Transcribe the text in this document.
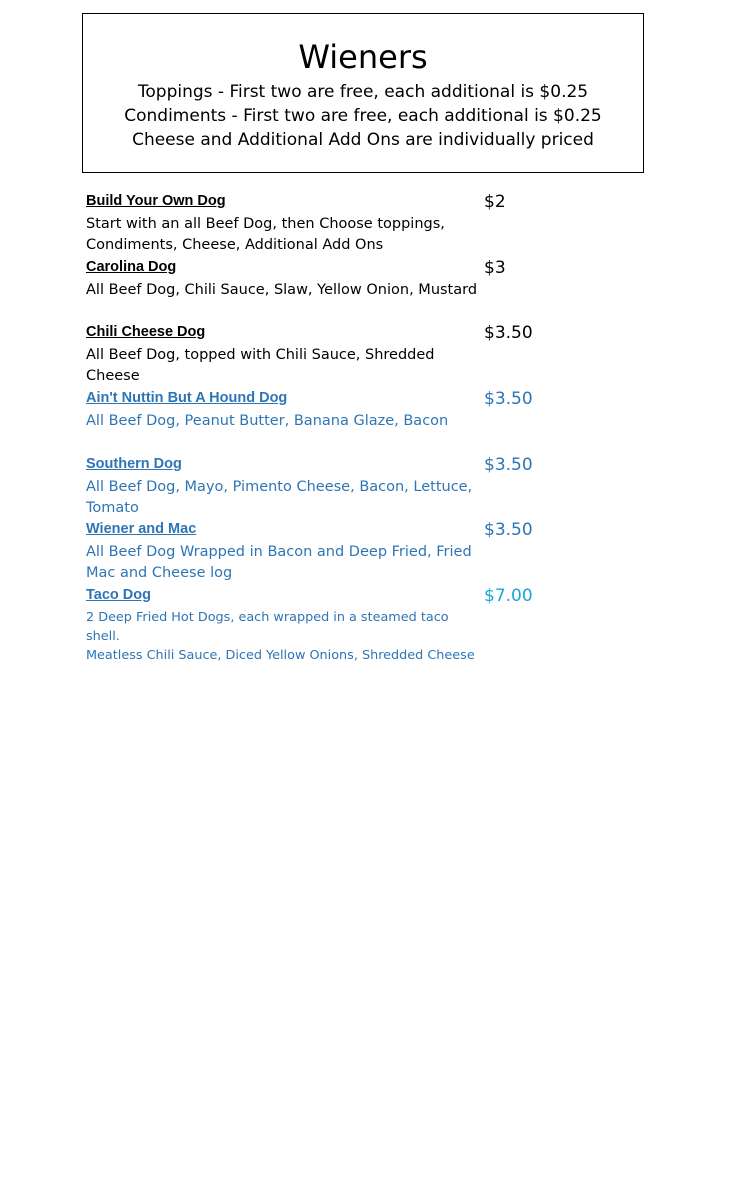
Wieners
Toppings - First two are free, each additional is $0.25
Condiments - First two are free, each additional is $0.25
Cheese and Additional Add Ons are individually priced
Build Your Own Dog
Start with an all Beef Dog, then Choose toppings, Condiments, Cheese, Additional Add Ons
$2
Carolina Dog
All Beef Dog, Chili Sauce, Slaw, Yellow Onion, Mustard
$3
Chili Cheese Dog
All Beef Dog, topped with Chili Sauce, Shredded Cheese
$3.50
Ain't Nuttin But A Hound Dog
All Beef Dog, Peanut Butter, Banana Glaze, Bacon
$3.50
Southern Dog
All Beef Dog, Mayo, Pimento Cheese, Bacon, Lettuce, Tomato
$3.50
Wiener and Mac
All Beef Dog Wrapped in Bacon and Deep Fried, Fried Mac and Cheese log
$3.50
Taco Dog
2 Deep Fried Hot Dogs, each wrapped in a steamed taco shell.
Meatless Chili Sauce, Diced Yellow Onions, Shredded Cheese
$7.00
